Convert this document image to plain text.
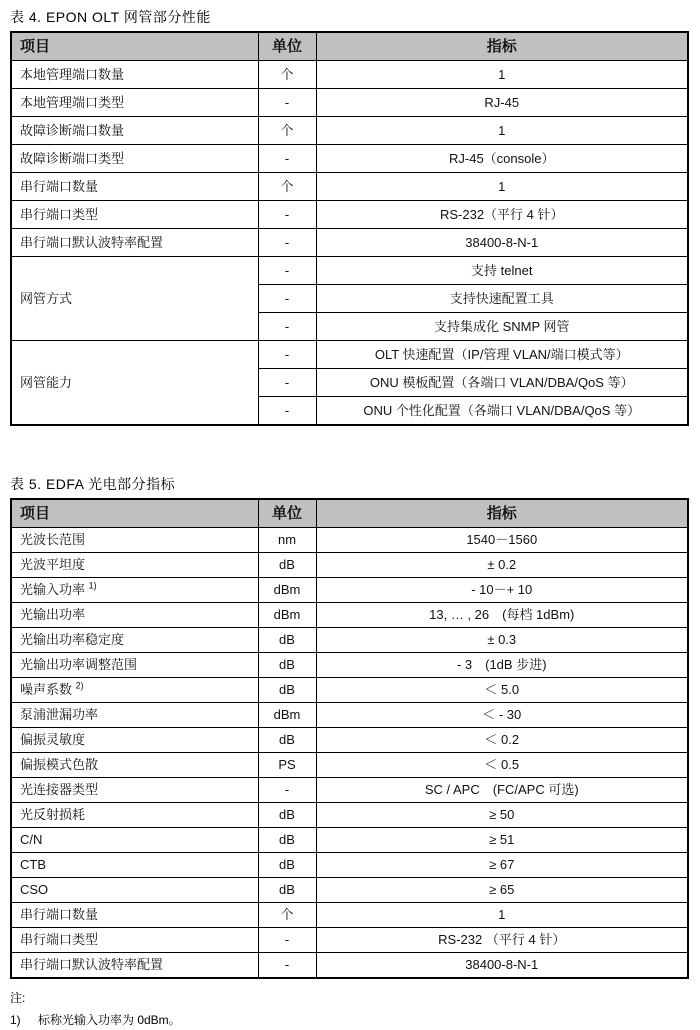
表 4. EPON OLT 网管部分性能
项目	单位	指标
本地管理端口数量	个	1
本地管理端口类型	-	RJ-45
故障诊断端口数量	个	1
故障诊断端口类型	-	RJ-45（console）
串行端口数量	个	1
串行端口类型	-	RS-232（平行 4 针）
串行端口默认波特率配置	-	38400-8-N-1
网管方式	-	支持 telnet
	-	支持快速配置工具
	-	支持集成化 SNMP 网管
网管能力	-	OLT 快速配置（IP/管理 VLAN/端口模式等）
	-	ONU 模板配置（各端口 VLAN/DBA/QoS 等）
	-	ONU 个性化配置（各端口 VLAN/DBA/QoS 等）
表 5. EDFA 光电部分指标
项目	单位	指标
光波长范围	nm	1540－1560
光波平坦度	dB	± 0.2
光输入功率 $^{1)}$	dBm	- 10－+ 10
光输出功率	dBm	13, … , 26　(每档 1dBm)
光输出功率稳定度	dB	± 0.3
光输出功率调整范围	dB	- 3　(1dB 步进)
噪声系数 $^{2)}$	dB	＜ 5.0
泵浦泄漏功率	dBm	＜ - 30
偏振灵敏度	dB	＜ 0.2
偏振模式色散	PS	＜ 0.5
光连接器类型	-	SC / APC　(FC/APC 可选)
光反射损耗	dB	≥ 50
C/N	dB	≥ 51
CTB	dB	≥ 67
CSO	dB	≥ 65
串行端口数量	个	1
串行端口类型	-	RS-232 （平行 4 针）
串行端口默认波特率配置	-	38400-8-N-1
注:
1) 标称光输入功率为 0dBm。
